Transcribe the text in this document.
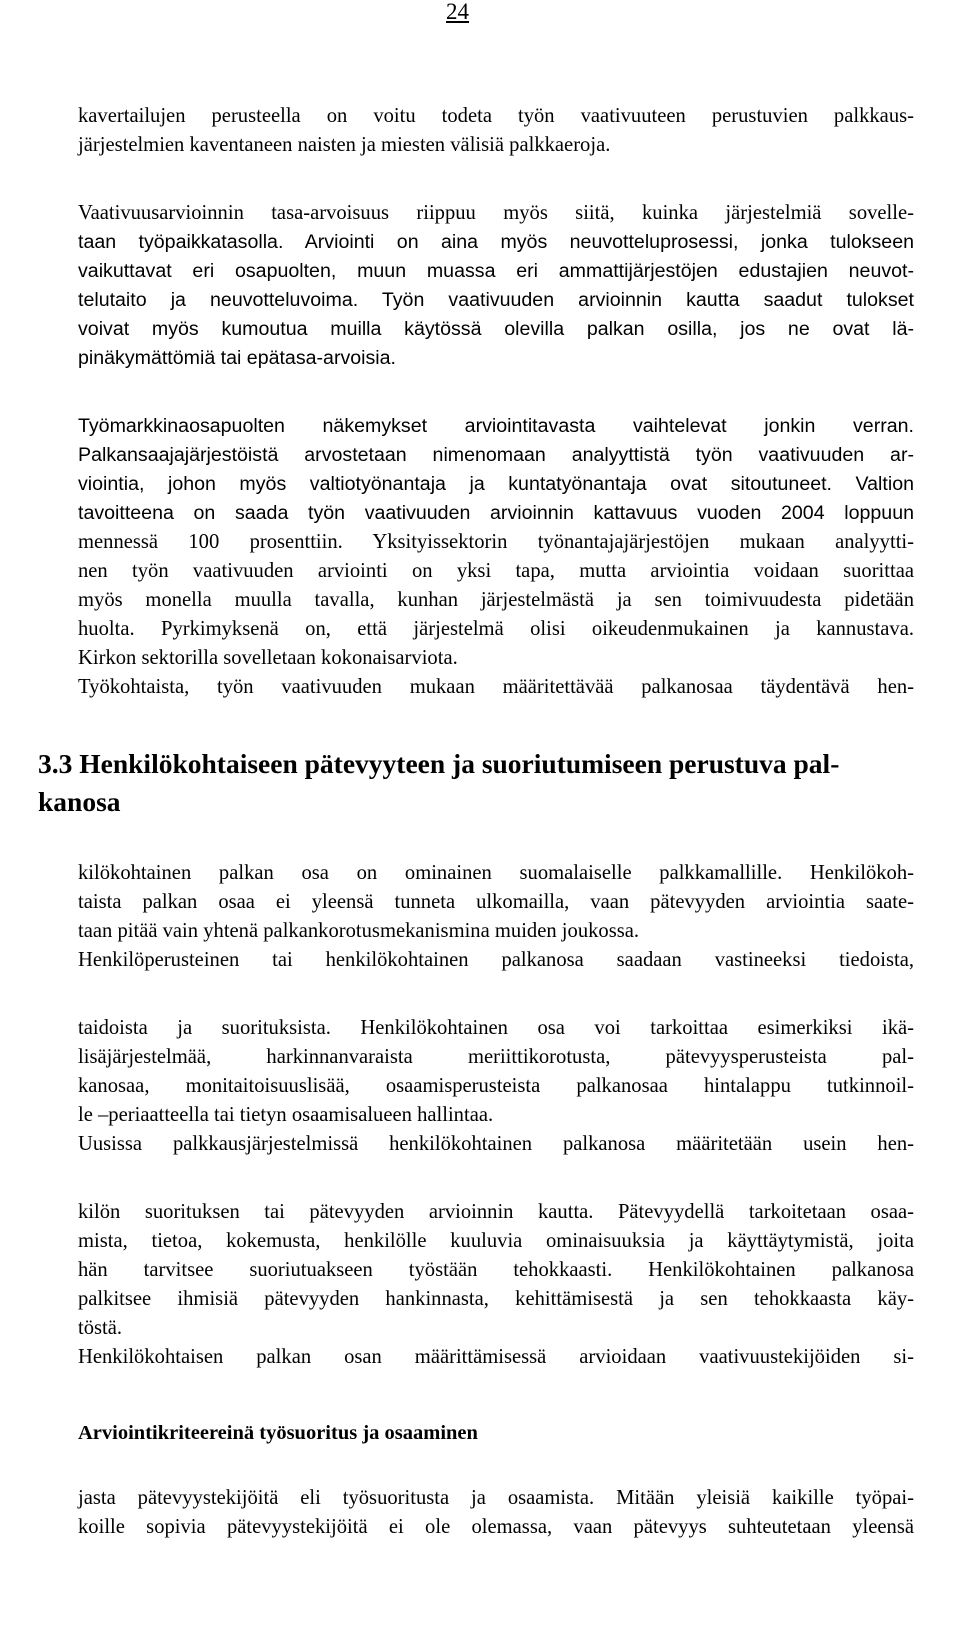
24
3.3 Henkilökohtaiseen pätevyyteen ja suoriutumiseen perustuva pal-
kanosa
Arviointikriteereinä työsuoritus ja osaaminen
kavertailujen perusteella on voitu todeta työn vaativuuteen perustuvien palkkaus-
järjestelmien kaventaneen naisten ja miesten välisiä palkkaeroja.
Vaativuusarvioinnin tasa-arvoisuus riippuu myös siitä, kuinka järjestelmiä sovelle-
taan työpaikkatasolla. Arviointi on aina myös neuvotteluprosessi, jonka tulokseen
vaikuttavat eri osapuolten, muun muassa eri ammattijärjestöjen edustajien neuvot-
telutaito ja neuvotteluvoima. Työn vaativuuden arvioinnin kautta saadut tulokset
voivat myös kumoutua muilla käytössä olevilla palkan osilla, jos ne ovat lä-
pinäkymättömiä tai epätasa-arvoisia.
Työmarkkinaosapuolten näkemykset arviointitavasta vaihtelevat jonkin verran.
Palkansaajajärjestöistä arvostetaan nimenomaan analyyttistä työn vaativuuden ar-
viointia, johon myös valtiotyönantaja ja kuntatyönantaja ovat sitoutuneet. Valtion
tavoitteena on saada työn vaativuuden arvioinnin kattavuus vuoden 2004 loppuun
mennessä 100 prosenttiin. Yksityissektorin työnantajajärjestöjen mukaan analyytti-
nen työn vaativuuden arviointi on yksi tapa, mutta arviointia voidaan suorittaa
myös monella muulla tavalla, kunhan järjestelmästä ja sen toimivuudesta pidetään
huolta. Pyrkimyksenä on, että järjestelmä olisi oikeudenmukainen ja kannustava.
Kirkon sektorilla sovelletaan kokonaisarviota.
Työkohtaista, työn vaativuuden mukaan määritettävää palkanosaa täydentävä hen-
kilökohtainen palkan osa on ominainen suomalaiselle palkkamallille. Henkilökoh-
taista palkan osaa ei yleensä tunneta ulkomailla, vaan pätevyyden arviointia saate-
taan pitää vain yhtenä palkankorotusmekanismina muiden joukossa.
Henkilöperusteinen tai henkilökohtainen palkanosa saadaan vastineeksi tiedoista,
taidoista ja suorituksista. Henkilökohtainen osa voi tarkoittaa esimerkiksi ikä-
lisäjärjestelmää, harkinnanvaraista meriittikorotusta, pätevyysperusteista pal-
kanosaa, monitaitoisuuslisää, osaamisperusteista palkanosaa hintalappu tutkinnoil-
le –periaatteella tai tietyn osaamisalueen hallintaa.
Uusissa palkkausjärjestelmissä henkilökohtainen palkanosa määritetään usein hen-
kilön suorituksen tai pätevyyden arvioinnin kautta. Pätevyydellä tarkoitetaan osaa-
mista, tietoa, kokemusta, henkilölle kuuluvia ominaisuuksia ja käyttäytymistä, joita
hän tarvitsee suoriutuakseen työstään tehokkaasti. Henkilökohtainen palkanosa
palkitsee ihmisiä pätevyyden hankinnasta, kehittämisestä ja sen tehokkaasta käy-
töstä.
Henkilökohtaisen palkan osan määrittämisessä arvioidaan vaativuustekijöiden si-
jasta pätevyystekijöitä eli työsuoritusta ja osaamista. Mitään yleisiä kaikille työpai-
koille sopivia pätevyystekijöitä ei ole olemassa, vaan pätevyys suhteutetaan yleensä
